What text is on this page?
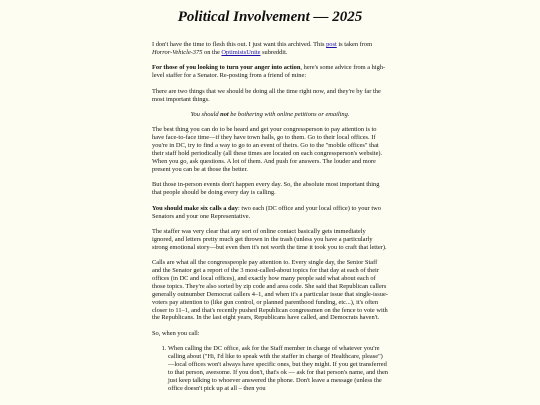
Political Involvement — 2025

I don't have the time to flesh this out. I just want this archived. This post is taken from Horror-Vehicle-375 on the OptimistsUnite subreddit.

For those of you looking to turn your anger into action, here's some advice from a high-level staffer for a Senator. Re-posting from a friend of mine:

There are two things that we should be doing all the time right now, and they're by far the most important things.

You should not be bothering with online petitions or emailing.

The best thing you can do to be heard and get your congressperson to pay attention is to have face-to-face time—if they have town halls, go to them. Go to their local offices. If you're in DC, try to find a way to go to an event of theirs. Go to the "mobile offices" that their staff hold periodically (all these times are located on each congressperson's website). When you go, ask questions. A lot of them. And push for answers. The louder and more present you can be at those the better.

But those in-person events don't happen every day. So, the absolute most important thing that people should be doing every day is calling.

You should make six calls a day: two each (DC office and your local office) to your two Senators and your one Representative.

The staffer was very clear that any sort of online contact basically gets immediately ignored, and letters pretty much get thrown in the trash (unless you have a particularly strong emotional story—but even then it's not worth the time it took you to craft that letter).

Calls are what all the congresspeople pay attention to. Every single day, the Senior Staff and the Senator get a report of the 3 most-called-about topics for that day at each of their offices (in DC and local offices), and exactly how many people said what about each of those topics. They're also sorted by zip code and area code. She said that Republican callers generally outnumber Democrat callers 4–1, and when it's a particular issue that single-issue-voters pay attention to (like gun control, or planned parenthood funding, etc...), it's often closer to 11–1, and that's recently pushed Republican congressmen on the fence to vote with the Republicans. In the last eight years, Republicans have called, and Democrats haven't.

So, when you call:

1. When calling the DC office, ask for the Staff member in charge of whatever you're calling about ("Hi, I'd like to speak with the staffer in charge of Healthcare, please")—local offices won't always have specific ones, but they might. If you get transferred to that person, awesome. If you don't, that's ok — ask for that person's name, and then just keep talking to whoever answered the phone. Don't leave a message (unless the office doesn't pick up at all – then you
